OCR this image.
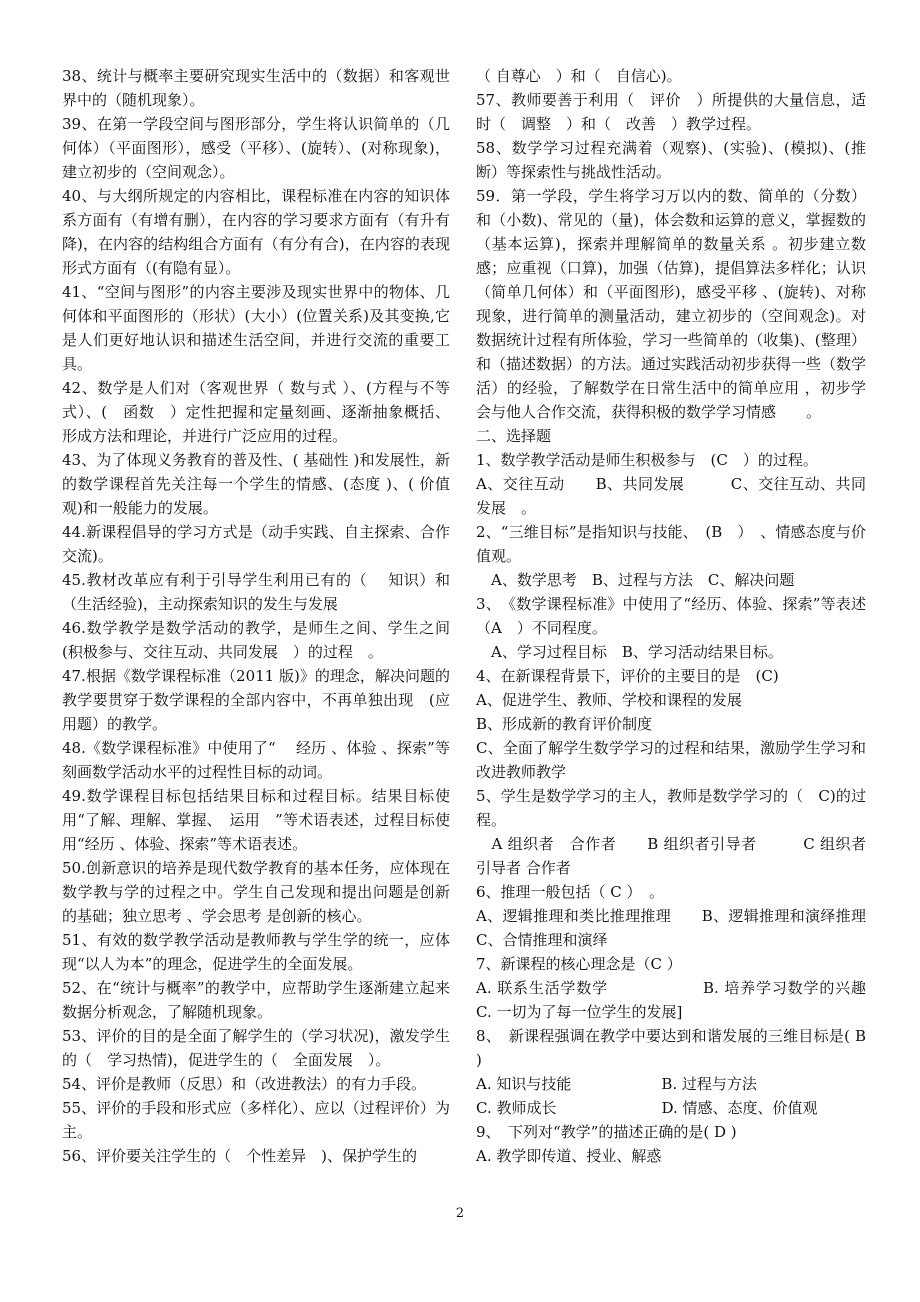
38、统计与概率主要研究现实生活中的（数据）和客观世界中的（随机现象）。

39、在第一学段空间与图形部分，学生将认识简单的（几何体）（平面图形），感受（平移）、(旋转）、(对称现象)，建立初步的（空间观念）。

40、与大纲所规定的内容相比，课程标准在内容的知识体系方面有（有增有删），在内容的学习要求方面有（有升有降)，在内容的结构组合方面有（有分有合)，在内容的表现形式方面有（(有隐有显）。

41、“空间与图形”的内容主要涉及现实世界中的物体、几何体和平面图形的（形状）(大小）(位置关系)及其变换,它是人们更好地认识和描述生活空间，并进行交流的重要工具。

42、数学是人们对（客观世界（ 数与式 ）、(方程与不等式）、(　函数　）定性把握和定量刻画、逐渐抽象概括、形成方法和理论，并进行广泛应用的过程。

43、为了体现义务教育的普及性、( 基础性 )和发展性，新的数学课程首先关注每一个学生的情感、(态度 )、( 价值观)和一般能力的发展。

44.新课程倡导的学习方式是（动手实践、自主探索、合作交流)。

45.教材改革应有利于引导学生利用已有的（　 知识）和（生活经验)，主动探索知识的发生与发展

46.数学教学是数学活动的教学，是师生之间、学生之间　(积极参与、交往互动、共同发展　）的过程　。

47.根据《数学课程标准（2011 版)》的理念，解决问题的教学要贯穿于数学课程的全部内容中，不再单独出现　(应用题）的教学。

48.《数学课程标准》中使用了“　 经历 、体验 、探索”等刻画数学活动水平的过程性目标的动词。

49.数学课程目标包括结果目标和过程目标。结果目标使用“了解、理解、掌握、　运用　”等术语表述，过程目标使用“经历 、体验、探索”等术语表述。

50.创新意识的培养是现代数学教育的基本任务，应体现在数学教与学的过程之中。学生自己发现和提出问题是创新的基础；独立思考 、学会思考 是创新的核心。

51、有效的数学教学活动是教师教与学生学的统一，应体现“以人为本”的理念，促进学生的全面发展。

52、在“统计与概率”的教学中，应帮助学生逐渐建立起来数据分析观念，了解随机现象。

53、评价的目的是全面了解学生的（学习状况)，激发学生的（　学习热情)，促进学生的（　全面发展　）。

54、评价是教师（反思）和（改进教法）的有力手段。

55、评价的手段和形式应（多样化）、应以（过程评价）为主。

56、评价要关注学生的（　个性差异　)、保护学生的

（ 自尊心　）和（　自信心)。

57、教师要善于利用（　评价　）所提供的大量信息，适时（　调整　）和（　改善　）教学过程。

58、数学学习过程充满着（观察)、(实验)、(模拟)、(推断）等探索性与挑战性活动。

59．第一学段，学生将学习万以内的数、简单的（分数）和（小数)、常见的（量)，体会数和运算的意义，掌握数的（基本运算)，探索并理解简单的数量关系 。初步建立数感；应重视（口算)，加强（估算)，提倡算法多样化；认识（简单几何体）和（平面图形)，感受平移 、(旋转)、对称现象，进行简单的测量活动，建立初步的（空间观念)。对数据统计过程有所体验，学习一些简单的（收集)、(整理）和（描述数据）的方法。通过实践活动初步获得一些（数学活）的经验，了解数学在日常生活中的简单应用 ，初步学会与他人合作交流，获得积极的数学学习情感　　。

二、选择题

1、数学教学活动是师生积极参与　(C　）的过程。

A、交往互动　　B、共同发展　　　C、交往互动、共同发展　。

2、“三维目标”是指知识与技能、　(B　）　、情感态度与价值观。

　A、数学思考　B、过程与方法　C、解决问题

3、　《数学课程标准》中使用了“经历、体验、探索”等表述（A　）不同程度。

　A、学习过程目标　B、学习活动结果目标。

4、在新课程背景下，评价的主要目的是　(C)

A、促进学生、教师、学校和课程的发展

B、形成新的教育评价制度

C、全面了解学生数学学习的过程和结果，激励学生学习和改进教师教学

5、学生是数学学习的主人，教师是数学学习的（　C)的过程。

　A 组织者　合作者　　B 组织者引导者　　　C 组织者 引导者 合作者

6、推理一般包括（ C ）　。

A、逻辑推理和类比推理推理　　B、逻辑推理和演绎推理　　　C、合情推理和演绎

7、新课程的核心理念是（C ）

A. 联系生活学数学　　　　　　B. 培养学习数学的兴趣　C. 一切为了每一位学生的发展]

8、　新课程强调在教学中要达到和谐发展的三维目标是( B )

A. 知识与技能　　　　　　B. 过程与方法

C. 教师成长　　　　　　　D. 情感、态度、价值观

9、　下列对“教学”的描述正确的是( D )

A. 教学即传道、授业、解惑

2
